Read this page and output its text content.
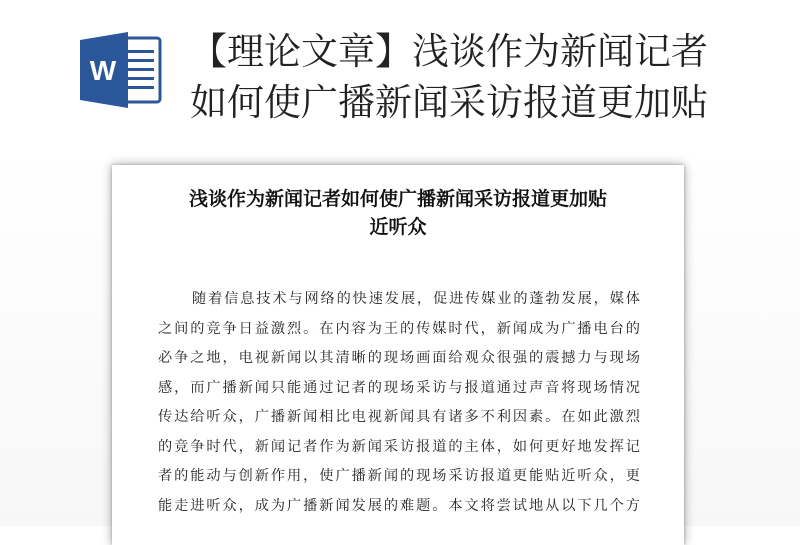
W 【理论文章】浅谈作为新闻记者
如何使广播新闻采访报道更加贴
浅谈作为新闻记者如何使广播新闻采访报道更加贴
近听众
随着信息技术与网络的快速发展，促进传媒业的蓬勃发展，媒体
之间的竞争日益激烈。在内容为王的传媒时代，新闻成为广播电台的
必争之地，电视新闻以其清晰的现场画面给观众很强的震撼力与现场
感，而广播新闻只能通过记者的现场采访与报道通过声音将现场情况
传达给听众，广播新闻相比电视新闻具有诸多不利因素。在如此激烈
的竞争时代，新闻记者作为新闻采访报道的主体，如何更好地发挥记
者的能动与创新作用，使广播新闻的现场采访报道更能贴近听众，更
能走进听众，成为广播新闻发展的难题。本文将尝试地从以下几个方
